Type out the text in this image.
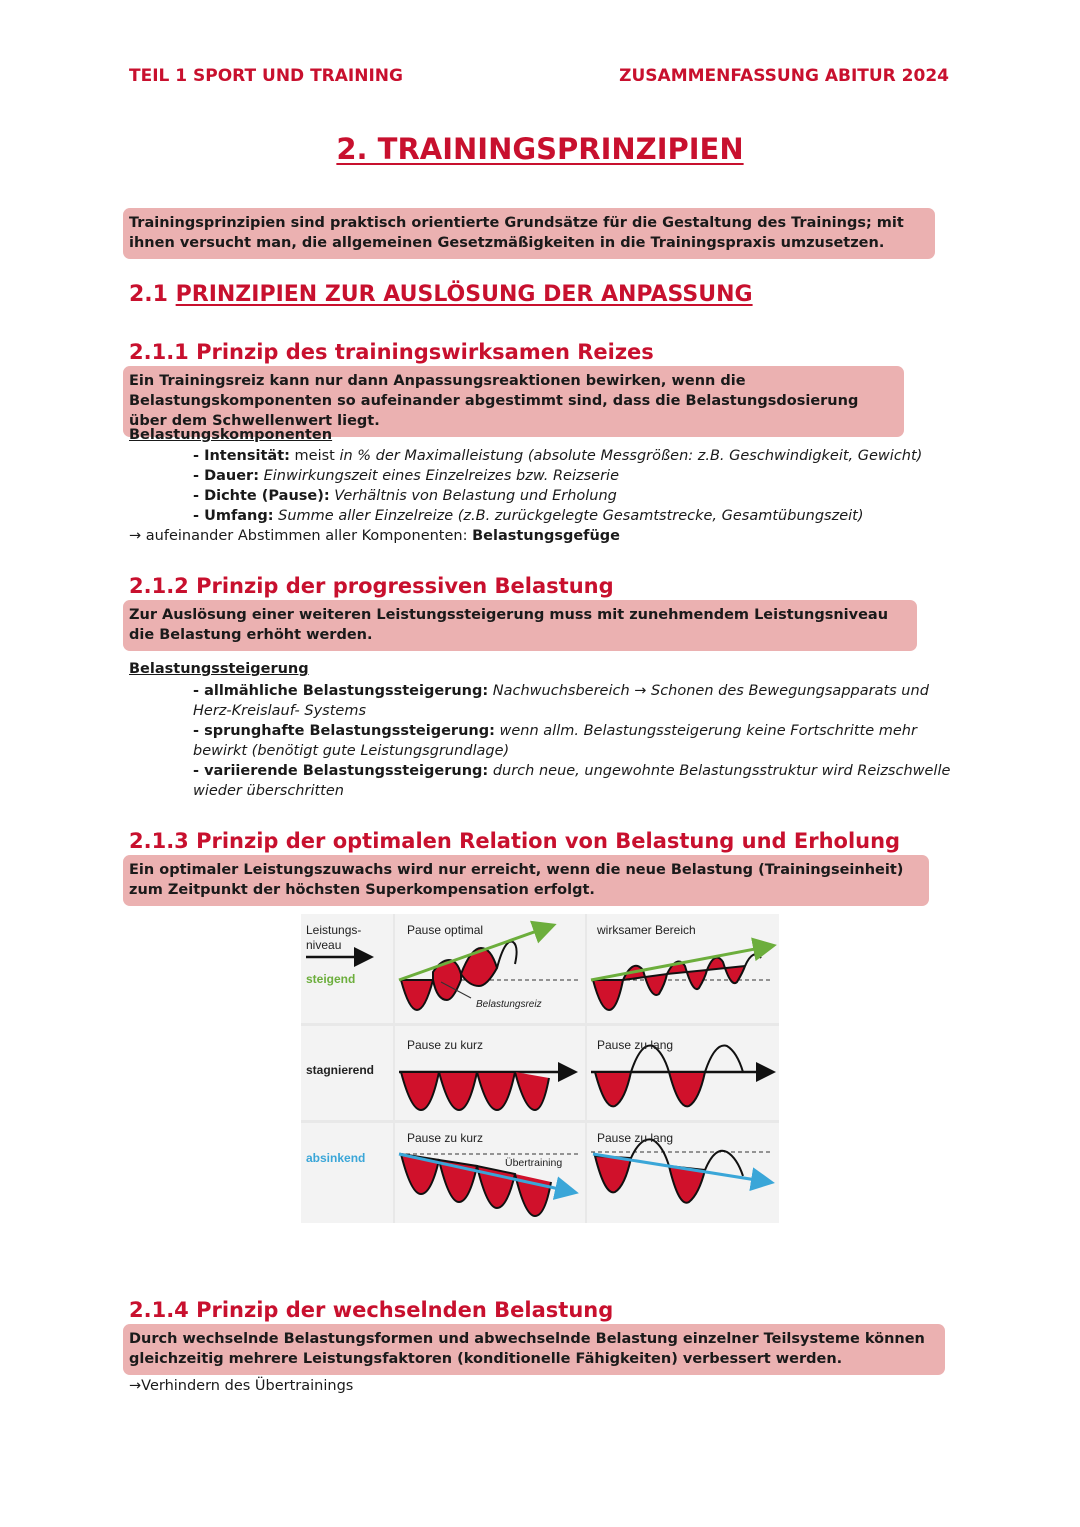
TEIL 1 SPORT UND TRAINING	ZUSAMMENFASSUNG ABITUR 2024
2. TRAININGSPRINZIPIEN
Trainingsprinzipien sind praktisch orientierte Grundsätze für die Gestaltung des Trainings; mit ihnen versucht man, die allgemeinen Gesetzmäßigkeiten in die Trainingspraxis umzusetzen.
2.1 PRINZIPIEN ZUR AUSLÖSUNG DER ANPASSUNG
2.1.1 Prinzip des trainingswirksamen Reizes
Ein Trainingsreiz kann nur dann Anpassungsreaktionen bewirken, wenn die Belastungskomponenten so aufeinander abgestimmt sind, dass die Belastungsdosierung über dem Schwellenwert liegt.
Belastungskomponenten
- Intensität: meist in % der Maximalleistung (absolute Messgrößen: z.B. Geschwindigkeit, Gewicht)
- Dauer: Einwirkungszeit eines Einzelreizes bzw. Reizserie
- Dichte (Pause): Verhältnis von Belastung und Erholung
- Umfang: Summe aller Einzelreize (z.B. zurückgelegte Gesamtstrecke, Gesamtübungszeit)
→ aufeinander Abstimmen aller Komponenten: Belastungsgefüge
2.1.2 Prinzip der progressiven Belastung
Zur Auslösung einer weiteren Leistungssteigerung muss mit zunehmendem Leistungsniveau die Belastung erhöht werden.
Belastungssteigerung
- allmähliche Belastungssteigerung: Nachwuchsbereich → Schonen des Bewegungsapparats und Herz-Kreislauf- Systems
- sprunghafte Belastungssteigerung: wenn allm. Belastungssteigerung keine Fortschritte mehr bewirkt (benötigt gute Leistungsgrundlage)
- variierende Belastungssteigerung: durch neue, ungewohnte Belastungsstruktur wird Reizschwelle wieder überschritten
2.1.3 Prinzip der optimalen Relation von Belastung und Erholung
Ein optimaler Leistungszuwachs wird nur erreicht, wenn die neue Belastung (Trainingseinheit) zum Zeitpunkt der höchsten Superkompensation erfolgt.
Leistungs-
niveau
steigend
stagnierend
absinkend
Pause optimal	wirksamer Bereich
Belastungsreiz
Pause zu kurz	Pause zu lang
Pause zu kurz	Pause zu lang
Übertraining
2.1.4 Prinzip der wechselnden Belastung
Durch wechselnde Belastungsformen und abwechselnde Belastung einzelner Teilsysteme können gleichzeitig mehrere Leistungsfaktoren (konditionelle Fähigkeiten) verbessert werden.
→Verhindern des Übertrainings
